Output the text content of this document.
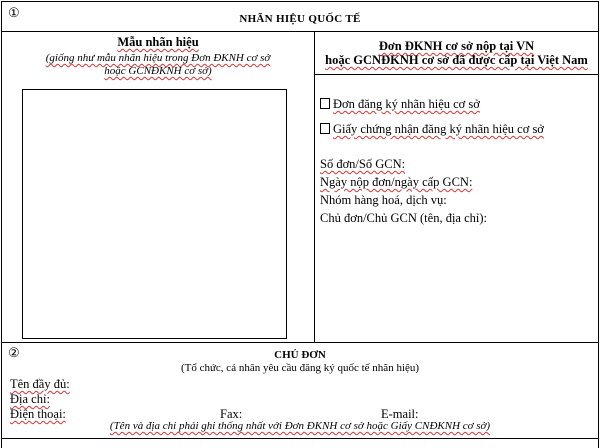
①	NHÃN HIỆU QUỐC TẾ
Mẫu nhãn hiệu
(giống như mẫu nhãn hiệu trong Đơn ĐKNH cơ sở
hoặc GCNĐKNH cơ sở)
Đơn ĐKNH cơ sở nộp tại VN
hoặc GCNĐKNH cơ sở đã được cấp tại Việt Nam
Đơn đăng ký nhãn hiệu cơ sở
Giấy chứng nhận đăng ký nhãn hiệu cơ sở
Số đơn/Số GCN:
Ngày nộp đơn/ngày cấp GCN:
Nhóm hàng hoá, dịch vụ:
Chủ đơn/Chủ GCN (tên, địa chỉ):
②	CHỦ ĐƠN
(Tổ chức, cá nhân yêu cầu đăng ký quốc tế nhãn hiệu)
Tên đầy đủ:
Địa chỉ:
Điện thoại:	Fax:	E-mail:
(Tên và địa chỉ phải ghi thống nhất với Đơn ĐKNH cơ sở hoặc Giấy CNĐKNH cơ sở)
